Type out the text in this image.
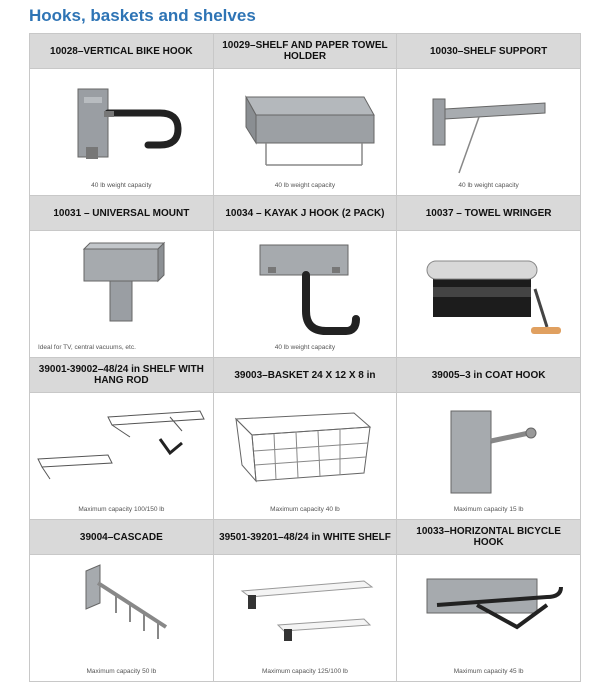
Hooks, baskets and shelves
10028–VERTICAL BIKE HOOK	10029–SHELF AND PAPER TOWEL HOLDER	10030–SHELF SUPPORT

40 lb weight capacity	40 lb weight capacity	40 lb weight capacity

10031 – UNIVERSAL MOUNT	10034 – KAYAK J HOOK (2 PACK)	10037 – TOWEL WRINGER

Ideal for TV, central vacuums, etc.	40 lb weight capacity

39001-39002–48/24 in SHELF WITH HANG ROD	39003–BASKET 24 X 12 X 8 in	39005–3 in COAT HOOK

Maximum capacity 100/150 lb	Maximum capacity 40 lb	Maximum capacity 15 lb

39004–CASCADE	39501-39201–48/24 in WHITE SHELF	10033–HORIZONTAL BICYCLE HOOK

Maximum capacity 50 lb	Maximum capacity 125/100 lb	Maximum capacity 45 lb
